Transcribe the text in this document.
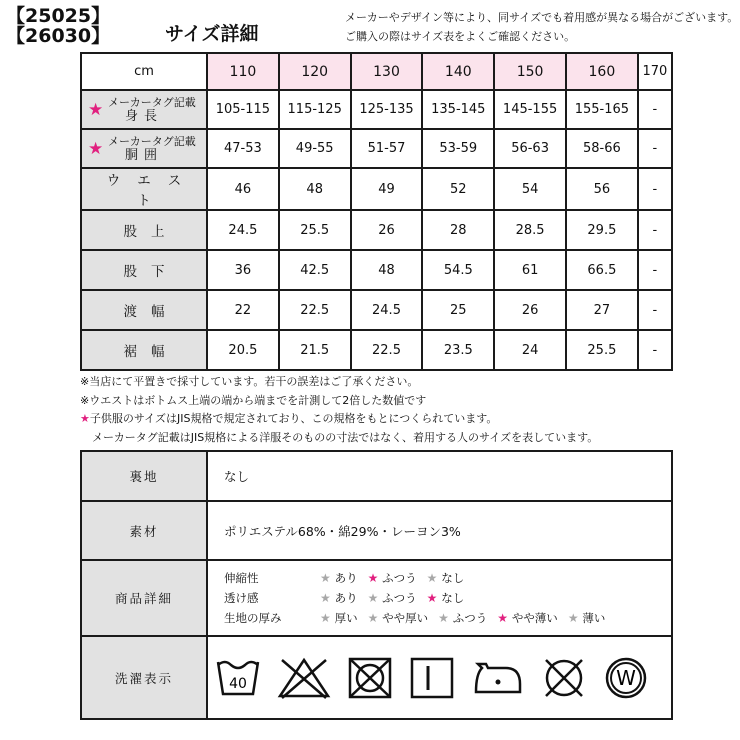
【25025】
【26030】	サイズ詳細
メーカーやデザイン等により、同サイズでも着用感が異なる場合がございます。
ご購入の際はサイズ表をよくご確認ください。
cm	110	120	130	140	150	160	170

★ メーカータグ記載
身長	105-115	115-125	125-135	135-145	145-155	155-165	-

★ メーカータグ記載
胴囲	47-53	49-55	51-57	53-59	56-63	58-66	-
ウエスト	46	48	49	52	54	56	-
股上	24.5	25.5	26	28	28.5	29.5	-
股下	36	42.5	48	54.5	61	66.5	-
渡幅	22	22.5	24.5	25	26	27	-
裾幅	20.5	21.5	22.5	23.5	24	25.5	-
※当店にて平置きで採寸しています。若干の誤差はご了承ください。
※ウエストはボトムス上端の端から端までを計測して2倍した数値です
★子供服のサイズはJIS規格で規定されており、この規格をもとにつくられています。
メーカータグ記載はJIS規格による洋服そのものの寸法ではなく、着用する人のサイズを表しています。
裏地	なし
素材	ポリエステル68%・綿29%・レーヨン3%
商品詳細	伸縮性 ★ あり ★ ふつう ★ なし
透け感 ★ あり ★ ふつう ★ なし
生地の厚み ★ 厚い ★ やや厚い ★ ふつう ★ やや薄い ★ 薄い

洗濯表示	40 W
